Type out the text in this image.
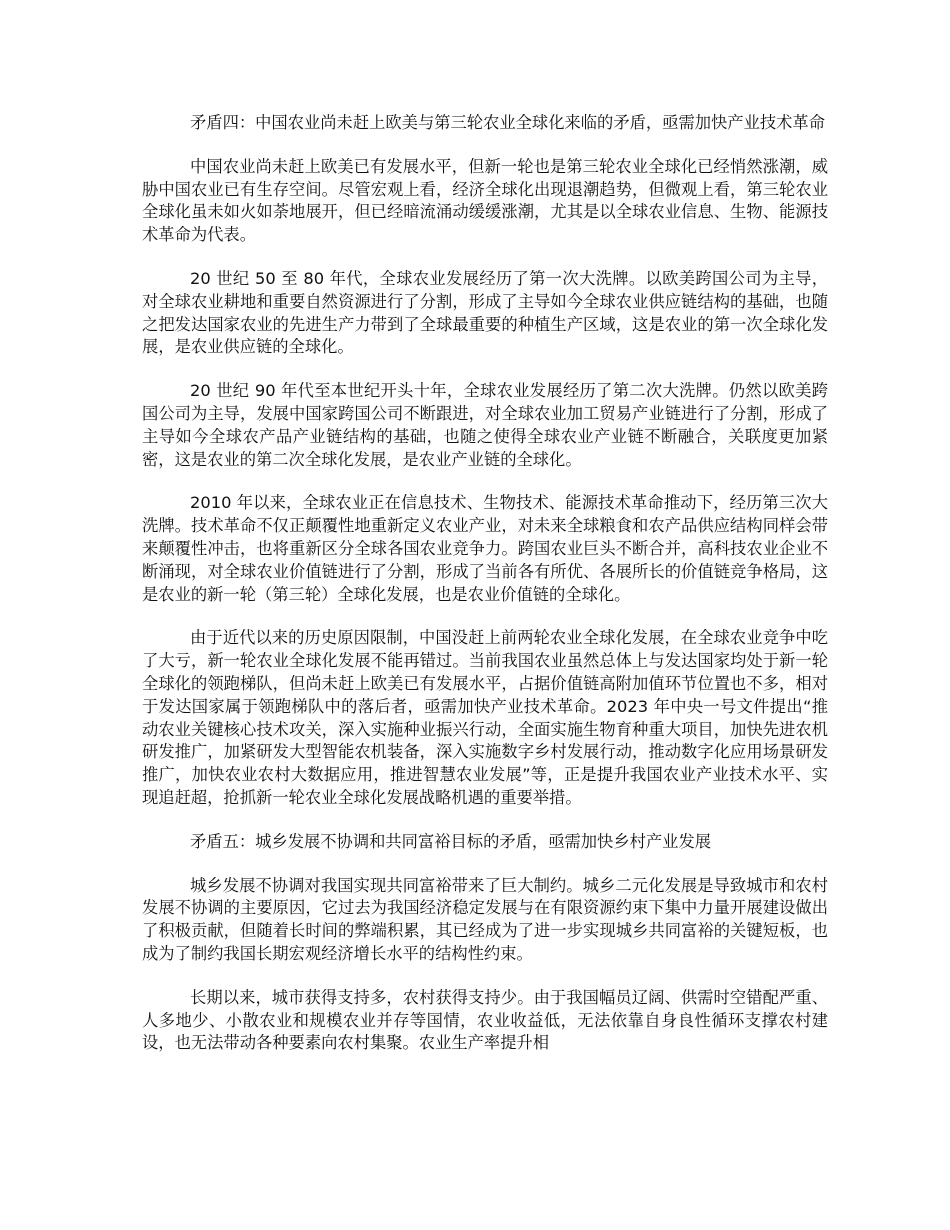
矛盾四：中国农业尚未赶上欧美与第三轮农业全球化来临的矛盾，亟需加快产业技术革命

中国农业尚未赶上欧美已有发展水平，但新一轮也是第三轮农业全球化已经悄然涨潮，威胁中国农业已有生存空间。尽管宏观上看，经济全球化出现退潮趋势，但微观上看，第三轮农业全球化虽未如火如荼地展开，但已经暗流涌动缓缓涨潮，尤其是以全球农业信息、生物、能源技术革命为代表。

20 世纪 50 至 80 年代，全球农业发展经历了第一次大洗牌。以欧美跨国公司为主导，对全球农业耕地和重要自然资源进行了分割，形成了主导如今全球农业供应链结构的基础，也随之把发达国家农业的先进生产力带到了全球最重要的种植生产区域，这是农业的第一次全球化发展，是农业供应链的全球化。

20 世纪 90 年代至本世纪开头十年，全球农业发展经历了第二次大洗牌。仍然以欧美跨国公司为主导，发展中国家跨国公司不断跟进，对全球农业加工贸易产业链进行了分割，形成了主导如今全球农产品产业链结构的基础，也随之使得全球农业产业链不断融合，关联度更加紧密，这是农业的第二次全球化发展，是农业产业链的全球化。

2010 年以来，全球农业正在信息技术、生物技术、能源技术革命推动下，经历第三次大洗牌。技术革命不仅正颠覆性地重新定义农业产业，对未来全球粮食和农产品供应结构同样会带来颠覆性冲击，也将重新区分全球各国农业竞争力。跨国农业巨头不断合并，高科技农业企业不断涌现，对全球农业价值链进行了分割，形成了当前各有所优、各展所长的价值链竞争格局，这是农业的新一轮（第三轮）全球化发展，也是农业价值链的全球化。

由于近代以来的历史原因限制，中国没赶上前两轮农业全球化发展，在全球农业竞争中吃了大亏，新一轮农业全球化发展不能再错过。当前我国农业虽然总体上与发达国家均处于新一轮全球化的领跑梯队，但尚未赶上欧美已有发展水平，占据价值链高附加值环节位置也不多，相对于发达国家属于领跑梯队中的落后者，亟需加快产业技术革命。2023 年中央一号文件提出“推动农业关键核心技术攻关，深入实施种业振兴行动，全面实施生物育种重大项目，加快先进农机研发推广，加紧研发大型智能农机装备，深入实施数字乡村发展行动，推动数字化应用场景研发推广，加快农业农村大数据应用，推进智慧农业发展”等，正是提升我国农业产业技术水平、实现追赶超，抢抓新一轮农业全球化发展战略机遇的重要举措。

矛盾五：城乡发展不协调和共同富裕目标的矛盾，亟需加快乡村产业发展

城乡发展不协调对我国实现共同富裕带来了巨大制约。城乡二元化发展是导致城市和农村发展不协调的主要原因，它过去为我国经济稳定发展与在有限资源约束下集中力量开展建设做出了积极贡献，但随着长时间的弊端积累，其已经成为了进一步实现城乡共同富裕的关键短板，也成为了制约我国长期宏观经济增长水平的结构性约束。

长期以来，城市获得支持多，农村获得支持少。由于我国幅员辽阔、供需时空错配严重、人多地少、小散农业和规模农业并存等国情，农业收益低，无法依靠自身良性循环支撑农村建设，也无法带动各种要素向农村集聚。农业生产率提升相
